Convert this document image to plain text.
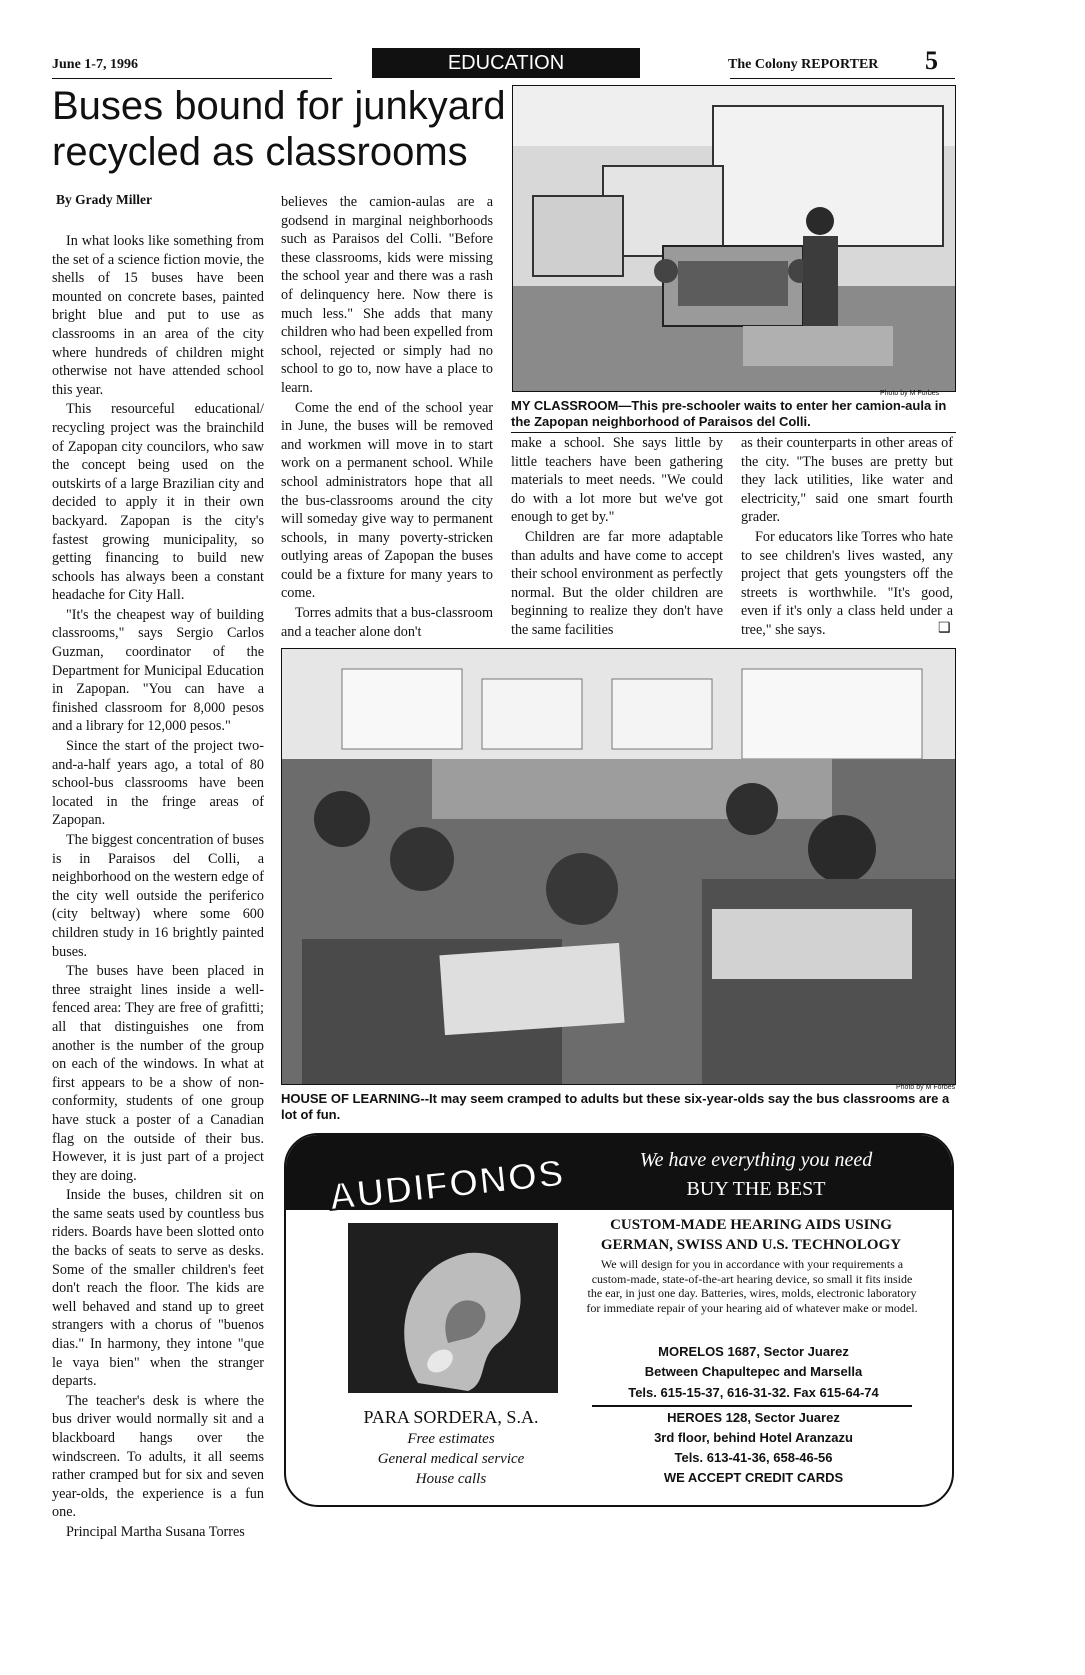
June 1-7, 1996	EDUCATION	The Colony REPORTER 5
Buses bound for junkyard
recycled as classrooms
By Grady Miller

In what looks like something from the set of a science fiction movie, the shells of 15 buses have been mounted on concrete bases, painted bright blue and put to use as classrooms in an area of the city where hundreds of children might otherwise not have attended school this year.

This resourceful educational/ recycling project was the brainchild of Zapopan city councilors, who saw the concept being used on the outskirts of a large Brazilian city and decided to apply it in their own backyard. Zapopan is the city's fastest growing municipality, so getting financing to build new schools has always been a constant headache for City Hall.

"It's the cheapest way of building classrooms," says Sergio Carlos Guzman, coordinator of the Department for Municipal Education in Zapopan. "You can have a finished classroom for 8,000 pesos and a library for 12,000 pesos."

Since the start of the project two-and-a-half years ago, a total of 80 school-bus classrooms have been located in the fringe areas of Zapopan.

The biggest concentration of buses is in Paraisos del Colli, a neighborhood on the western edge of the city well outside the periferico (city beltway) where some 600 children study in 16 brightly painted buses.

The buses have been placed in three straight lines inside a well-fenced area: They are free of grafitti; all that distinguishes one from another is the number of the group on each of the windows. In what at first appears to be a show of non-conformity, students of one group have stuck a poster of a Canadian flag on the outside of their bus. However, it is just part of a project they are doing.

Inside the buses, children sit on the same seats used by countless bus riders. Boards have been slotted onto the backs of seats to serve as desks. Some of the smaller children's feet don't reach the floor. The kids are well behaved and stand up to greet strangers with a chorus of "buenos dias." In harmony, they intone "que le vaya bien" when the stranger departs.

The teacher's desk is where the bus driver would normally sit and a blackboard hangs over the windscreen. To adults, it all seems rather cramped but for six and seven year-olds, the experience is a fun one.

Principal Martha Susana Torres

believes the camion-aulas are a godsend in marginal neighborhoods such as Paraisos del Colli. "Before these classrooms, kids were missing the school year and there was a rash of delinquency here. Now there is much less." She adds that many children who had been expelled from school, rejected or simply had no school to go to, now have a place to learn.

Come the end of the school year in June, the buses will be removed and workmen will move in to start work on a permanent school. While school administrators hope that all the bus-classrooms around the city will someday give way to permanent schools, in many poverty-stricken outlying areas of Zapopan the buses could be a fixture for many years to come.

Torres admits that a bus-classroom and a teacher alone don't

Photo by M Forbes
MY CLASSROOM—This pre-schooler waits to enter her camion-aula in the Zapopan neighborhood of Paraisos del Colli.

make a school. She says little by little teachers have been gathering materials to meet needs. "We could do with a lot more but we've got enough to get by."

Children are far more adaptable than adults and have come to accept their school environment as perfectly normal. But the older children are beginning to realize they don't have the same facilities

as their counterparts in other areas of the city. "The buses are pretty but they lack utilities, like water and electricity," said one smart fourth grader.

For educators like Torres who hate to see children's lives wasted, any project that gets youngsters off the streets is worthwhile. "It's good, even if it's only a class held under a tree," she says.	❑
Photo by M Forbes
HOUSE OF LEARNING--It may seem cramped to adults but these six-year-olds say the bus classrooms are a lot of fun.
We have everything you need
BUY THE BEST
AUDIFONOS
PARA SORDERA, S.A.
Free estimates
General medical service
House calls
CUSTOM-MADE HEARING AIDS USING
GERMAN, SWISS AND U.S. TECHNOLOGY
We will design for you in accordance with your requirements a custom-made, state-of-the-art hearing device, so small it fits inside the ear, in just one day. Batteries, wires, molds, electronic laboratory for immediate repair of your hearing aid of whatever make or model.
MORELOS 1687, Sector Juarez
Between Chapultepec and Marsella
Tels. 615-15-37, 616-31-32. Fax 615-64-74
HEROES 128, Sector Juarez
3rd floor, behind Hotel Aranzazu
Tels. 613-41-36, 658-46-56
WE ACCEPT CREDIT CARDS
